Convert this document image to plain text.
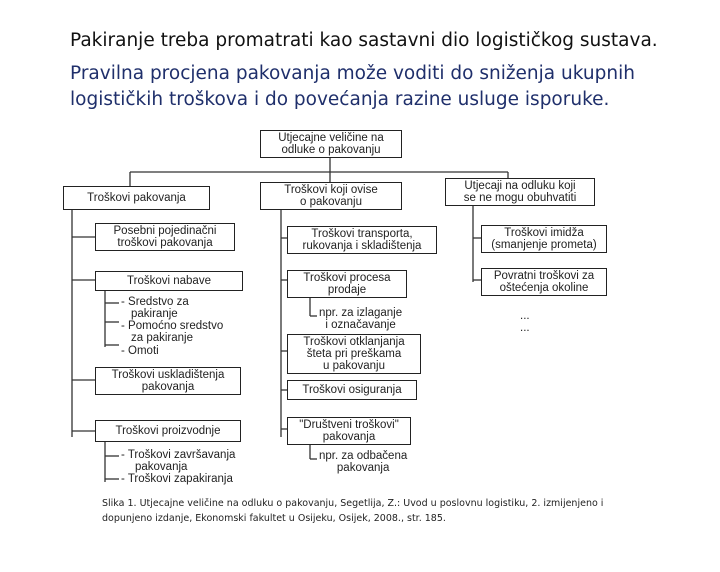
Pakiranje treba promatrati kao sastavni dio logističkog sustava.
Pravilna procjena pakovanja može voditi do sniženja ukupnih
logističkih troškova i do povećanja razine usluge isporuke.
Utjecajne veličine na
odluke o pakovanju
Troškovi pakovanja
Posebni pojedinačni
troškovi pakovanja
Troškovi nabave
- Sredstvo za
pakiranje
- Pomoćno sredstvo
za pakiranje
- Omoti
Troškovi uskladištenja
pakovanja
Troškovi proizvodnje
- Troškovi završavanja
pakovanja
- Troškovi zapakiranja
Troškovi koji ovise
o pakovanju
Troškovi transporta,
rukovanja i skladištenja
Troškovi procesa
prodaje
npr. za izlaganje
i označavanje
Troškovi otklanjanja
šteta pri preškama
u pakovanju
Troškovi osiguranja
"Društveni troškovi"
pakovanja
npr. za odbačena
pakovanja
Utjecaji na odluku koji
se ne mogu obuhvatiti
Troškovi imidža
(smanjenje prometa)
Povratni troškovi za
oštećenja okoline
...
...
Slika 1. Utjecajne veličine na odluku o pakovanju, Segetlija, Z.: Uvod u poslovnu logistiku, 2. izmijenjeno i
dopunjeno izdanje, Ekonomski fakultet u Osijeku, Osijek, 2008., str. 185.
